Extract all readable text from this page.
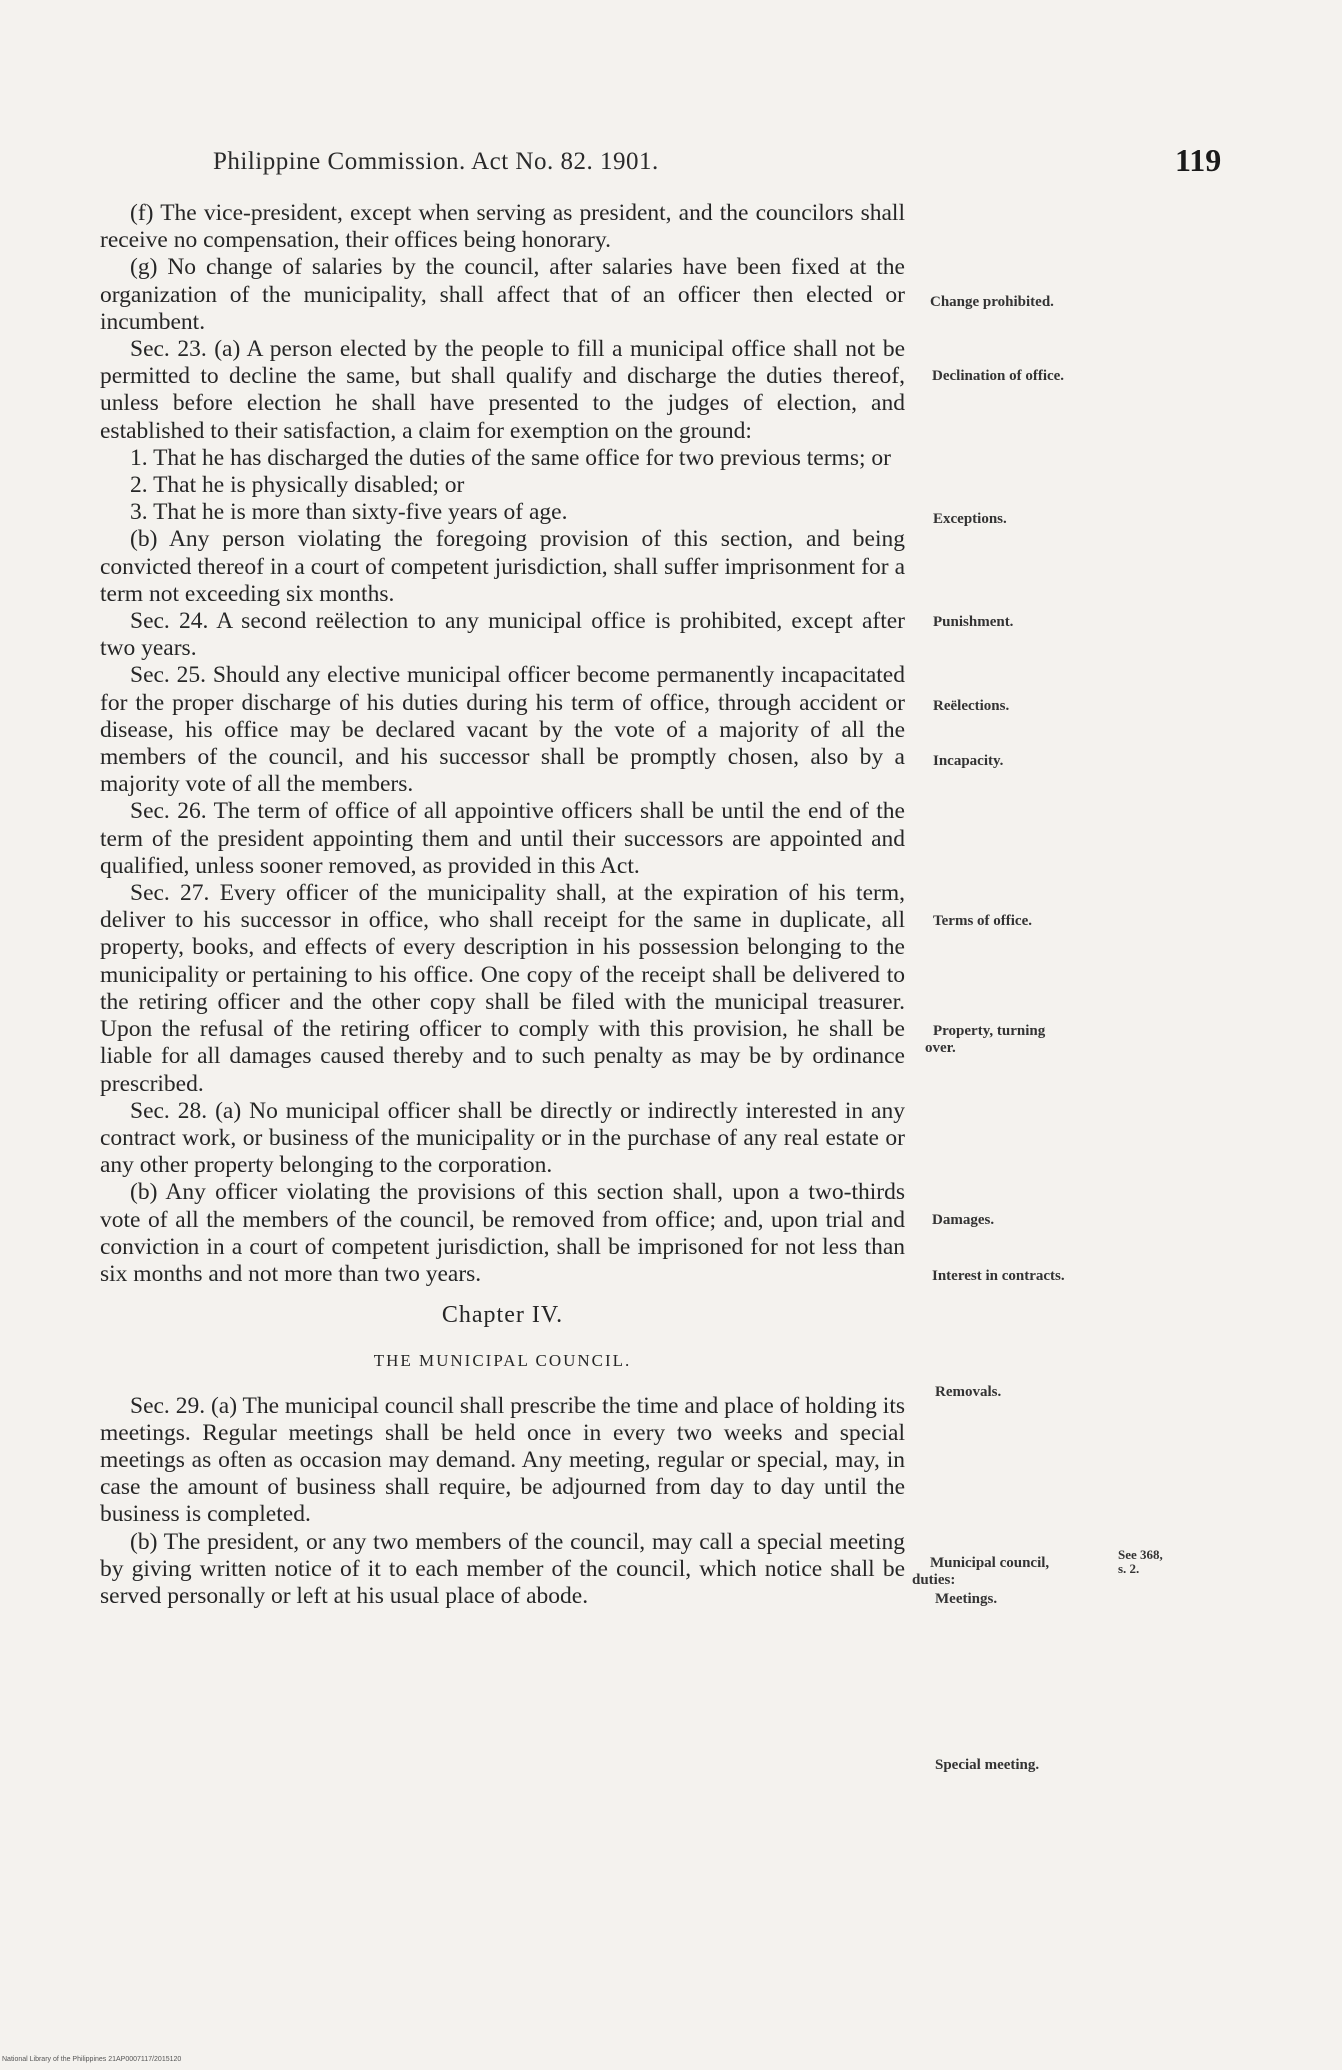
Philippine Commission. Act No. 82. 1901.	119

(f) The vice-president, except when serving as president, and the councilors shall receive no compensation, their offices being honorary.

(g) No change of salaries by the council, after salaries have been fixed at the organization of the municipality, shall affect that of an officer then elected or incumbent.

Sec. 23. (a) A person elected by the people to fill a municipal office shall not be permitted to decline the same, but shall qualify and discharge the duties thereof, unless before election he shall have presented to the judges of election, and established to their satisfaction, a claim for exemption on the ground:

1. That he has discharged the duties of the same office for two previous terms; or

2. That he is physically disabled; or

3. That he is more than sixty-five years of age.

(b) Any person violating the foregoing provision of this section, and being convicted thereof in a court of competent jurisdiction, shall suffer imprisonment for a term not exceeding six months.

Sec. 24. A second reëlection to any municipal office is prohibited, except after two years.

Sec. 25. Should any elective municipal officer become permanently incapacitated for the proper discharge of his duties during his term of office, through accident or disease, his office may be declared vacant by the vote of a majority of all the members of the council, and his successor shall be promptly chosen, also by a majority vote of all the members.

Sec. 26. The term of office of all appointive officers shall be until the end of the term of the president appointing them and until their successors are appointed and qualified, unless sooner removed, as provided in this Act.

Sec. 27. Every officer of the municipality shall, at the expiration of his term, deliver to his successor in office, who shall receipt for the same in duplicate, all property, books, and effects of every description in his possession belonging to the municipality or pertaining to his office. One copy of the receipt shall be delivered to the retiring officer and the other copy shall be filed with the municipal treasurer. Upon the refusal of the retiring officer to comply with this provision, he shall be liable for all damages caused thereby and to such penalty as may be by ordinance prescribed.

Sec. 28. (a) No municipal officer shall be directly or indirectly interested in any contract work, or business of the municipality or in the purchase of any real estate or any other property belonging to the corporation.

(b) Any officer violating the provisions of this section shall, upon a two-thirds vote of all the members of the council, be removed from office; and, upon trial and conviction in a court of competent jurisdiction, shall be imprisoned for not less than six months and not more than two years.

Chapter IV.

THE MUNICIPAL COUNCIL.

Sec. 29. (a) The municipal council shall prescribe the time and place of holding its meetings. Regular meetings shall be held once in every two weeks and special meetings as often as occasion may demand. Any meeting, regular or special, may, in case the amount of business shall require, be adjourned from day to day until the business is completed.

(b) The president, or any two members of the council, may call a special meeting by giving written notice of it to each member of the council, which notice shall be served personally or left at his usual place of abode.

Change prohibited.
Declination of office.
Exceptions.
Punishment.
Reëlections.
Incapacity.
Terms of office.
Property, turning
over.
Damages.
Interest in contracts.
Removals.
Municipal council,
duties:
See 368,
s. 2.
Meetings.
Special meeting.
National Library of the Philippines 21AP0007117/2015120
